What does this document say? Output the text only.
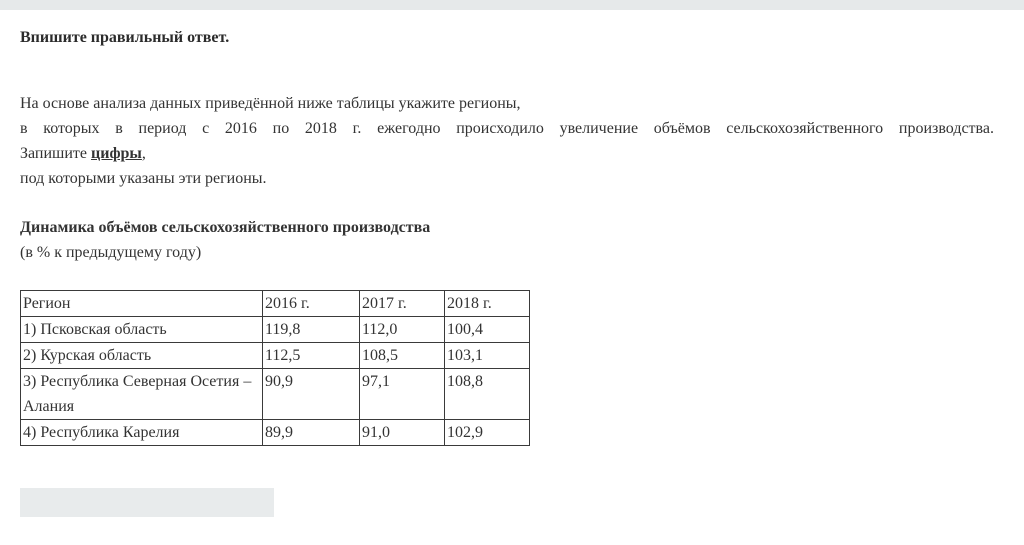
Впишите правильный ответ.

На основе анализа данных приведённой ниже таблицы укажите регионы,

в которых в период с 2016 по 2018 г. ежегодно происходило увеличение объёмов сельскохозяйственного производства.

Запишите цифры,

под которыми указаны эти регионы.

Динамика объёмов сельскохозяйственного производства
(в % к предыдущему году)
Регион	2016 г.	2017 г.	2018 г.
1) Псковская область	119,8	112,0	100,4
2) Курская область	112,5	108,5	103,1
3) Республика Северная Осетия – Алания	90,9	97,1	108,8
4) Республика Карелия	89,9	91,0	102,9
